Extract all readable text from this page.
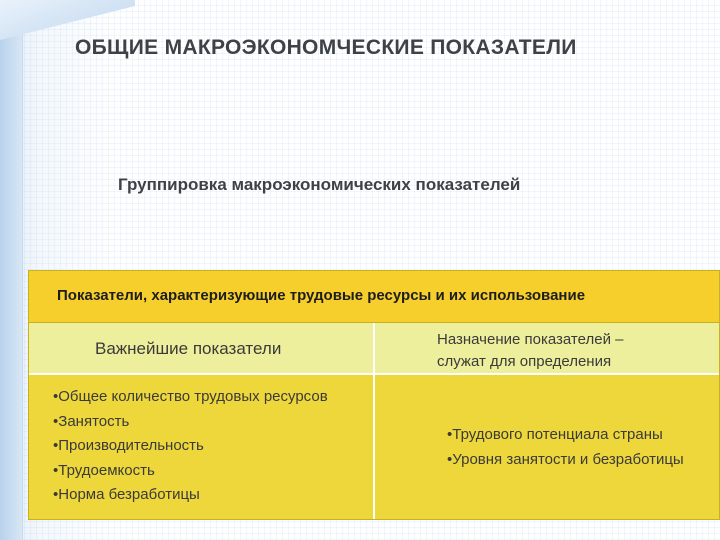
ОБЩИЕ МАКРОЭКОНОМЧЕСКИЕ ПОКАЗАТЕЛИ
Группировка макроэкономических показателей
Показатели, характеризующие трудовые ресурсы и их использование
Важнейшие показатели	Назначение показателей –
служат для определения
• Общее количество трудовых ресурсов
• Занятость
• Производительность
• Трудоемкость
• Норма безработицы
• Трудового потенциала страны
• Уровня занятости и безработицы
